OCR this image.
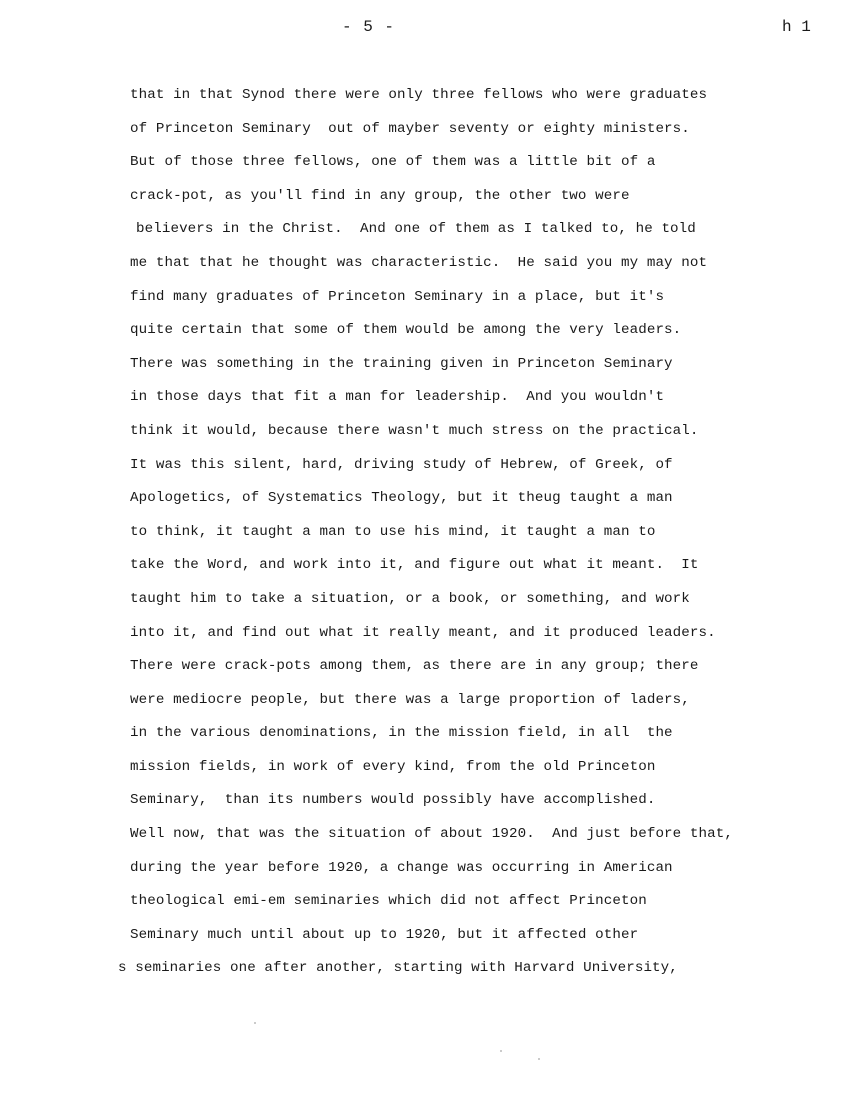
- 5 -	h 1
that in that Synod there were only three fellows who were graduates
of Princeton Seminary  out of mayber seventy or eighty ministers.
But of those three fellows, one of them was a little bit of a
crack-pot, as you'll find in any group, the other two were
believers in the Christ.  And one of them as I talked to, he told
me that that he thought was characteristic.  He said you my may not
find many graduates of Princeton Seminary in a place, but it's
quite certain that some of them would be among the very leaders.
There was something in the training given in Princeton Seminary
in those days that fit a man for leadership.  And you wouldn't
think it would, because there wasn't much stress on the practical.
It was this silent, hard, driving study of Hebrew, of Greek, of
Apologetics, of Systematics Theology, but it theug taught a man
to think, it taught a man to use his mind, it taught a man to
take the Word, and work into it, and figure out what it meant.  It
taught him to take a situation, or a book, or something, and work
into it, and find out what it really meant, and it produced leaders.
There were crack-pots among them, as there are in any group; there
were mediocre people, but there was a large proportion of laders,
in the various denominations, in the mission field, in all  the
mission fields, in work of every kind, from the old Princeton
Seminary,  than its numbers would possibly have accomplished.
Well now, that was the situation of about 1920.  And just before that,
during the year before 1920, a change was occurring in American
theological emi-em seminaries which did not affect Princeton
Seminary much until about up to 1920, but it affected other
s seminaries one after another, starting with Harvard University,
